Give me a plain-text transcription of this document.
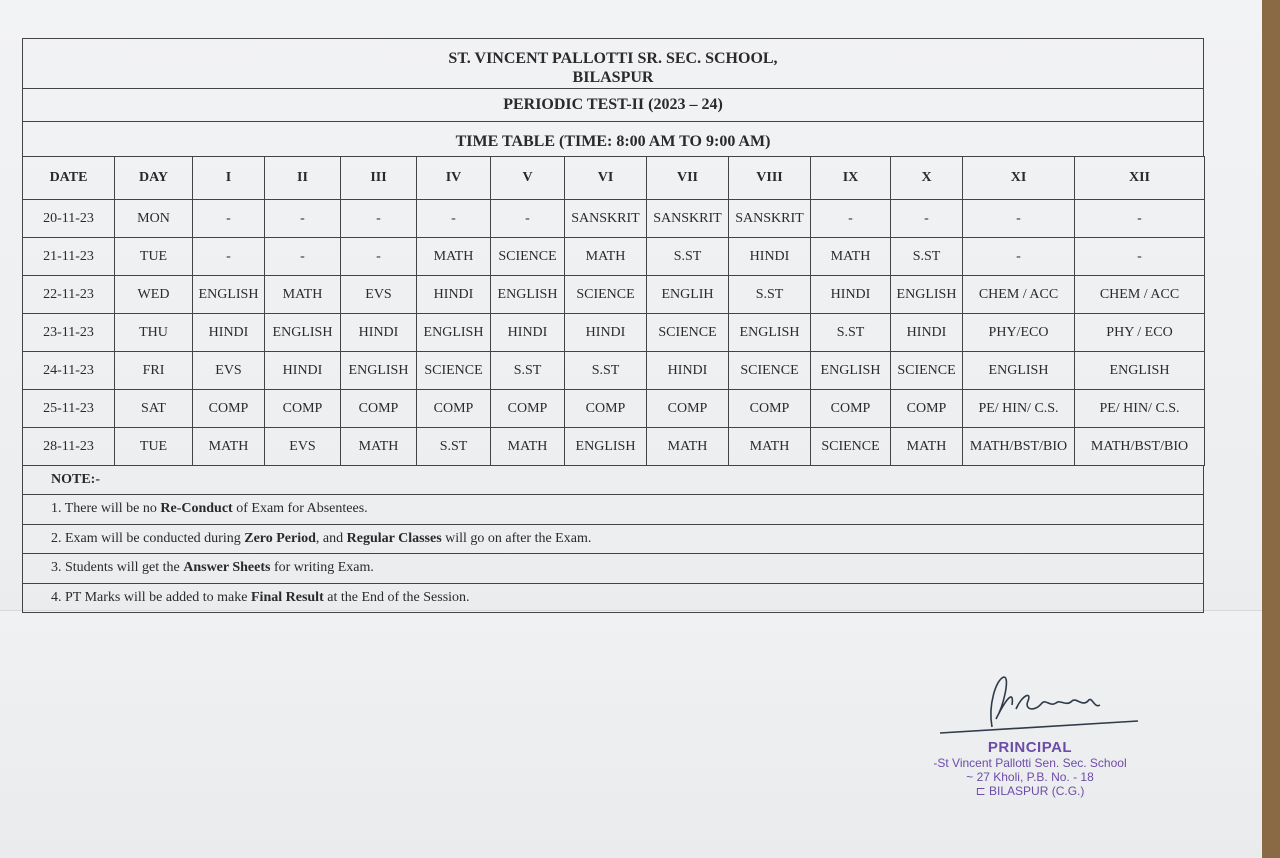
ST. VINCENT PALLOTTI SR. SEC. SCHOOL,
BILASPUR
PERIODIC TEST-II (2023 – 24)
TIME TABLE (TIME: 8:00 AM TO 9:00 AM)
DATE	DAY	I	II	III	IV	V	VI	VII	VIII	IX	X	XI	XII
20-11-23	MON	-	-	-	-	-	SANSKRIT	SANSKRIT	SANSKRIT	-	-	-	-
21-11-23	TUE	-	-	-	MATH	SCIENCE	MATH	S.ST	HINDI	MATH	S.ST	-	-
22-11-23	WED	ENGLISH	MATH	EVS	HINDI	ENGLISH	SCIENCE	ENGLIH	S.ST	HINDI	ENGLISH	CHEM / ACC	CHEM / ACC
23-11-23	THU	HINDI	ENGLISH	HINDI	ENGLISH	HINDI	HINDI	SCIENCE	ENGLISH	S.ST	HINDI	PHY/ECO	PHY / ECO
24-11-23	FRI	EVS	HINDI	ENGLISH	SCIENCE	S.ST	S.ST	HINDI	SCIENCE	ENGLISH	SCIENCE	ENGLISH	ENGLISH
25-11-23	SAT	COMP	COMP	COMP	COMP	COMP	COMP	COMP	COMP	COMP	COMP	PE/ HIN/ C.S.	PE/ HIN/ C.S.
28-11-23	TUE	MATH	EVS	MATH	S.ST	MATH	ENGLISH	MATH	MATH	SCIENCE	MATH	MATH/BST/BIO	MATH/BST/BIO
NOTE:-
1. There will be no Re-Conduct of Exam for Absentees.
2. Exam will be conducted during Zero Period, and Regular Classes will go on after the Exam.
3. Students will get the Answer Sheets for writing Exam.
4. PT Marks will be added to make Final Result at the End of the Session.
PRINCIPAL
-St Vincent Pallotti Sen. Sec. School
~ 27 Kholi, P.B. No. - 18
⊏ BILASPUR (C.G.)
